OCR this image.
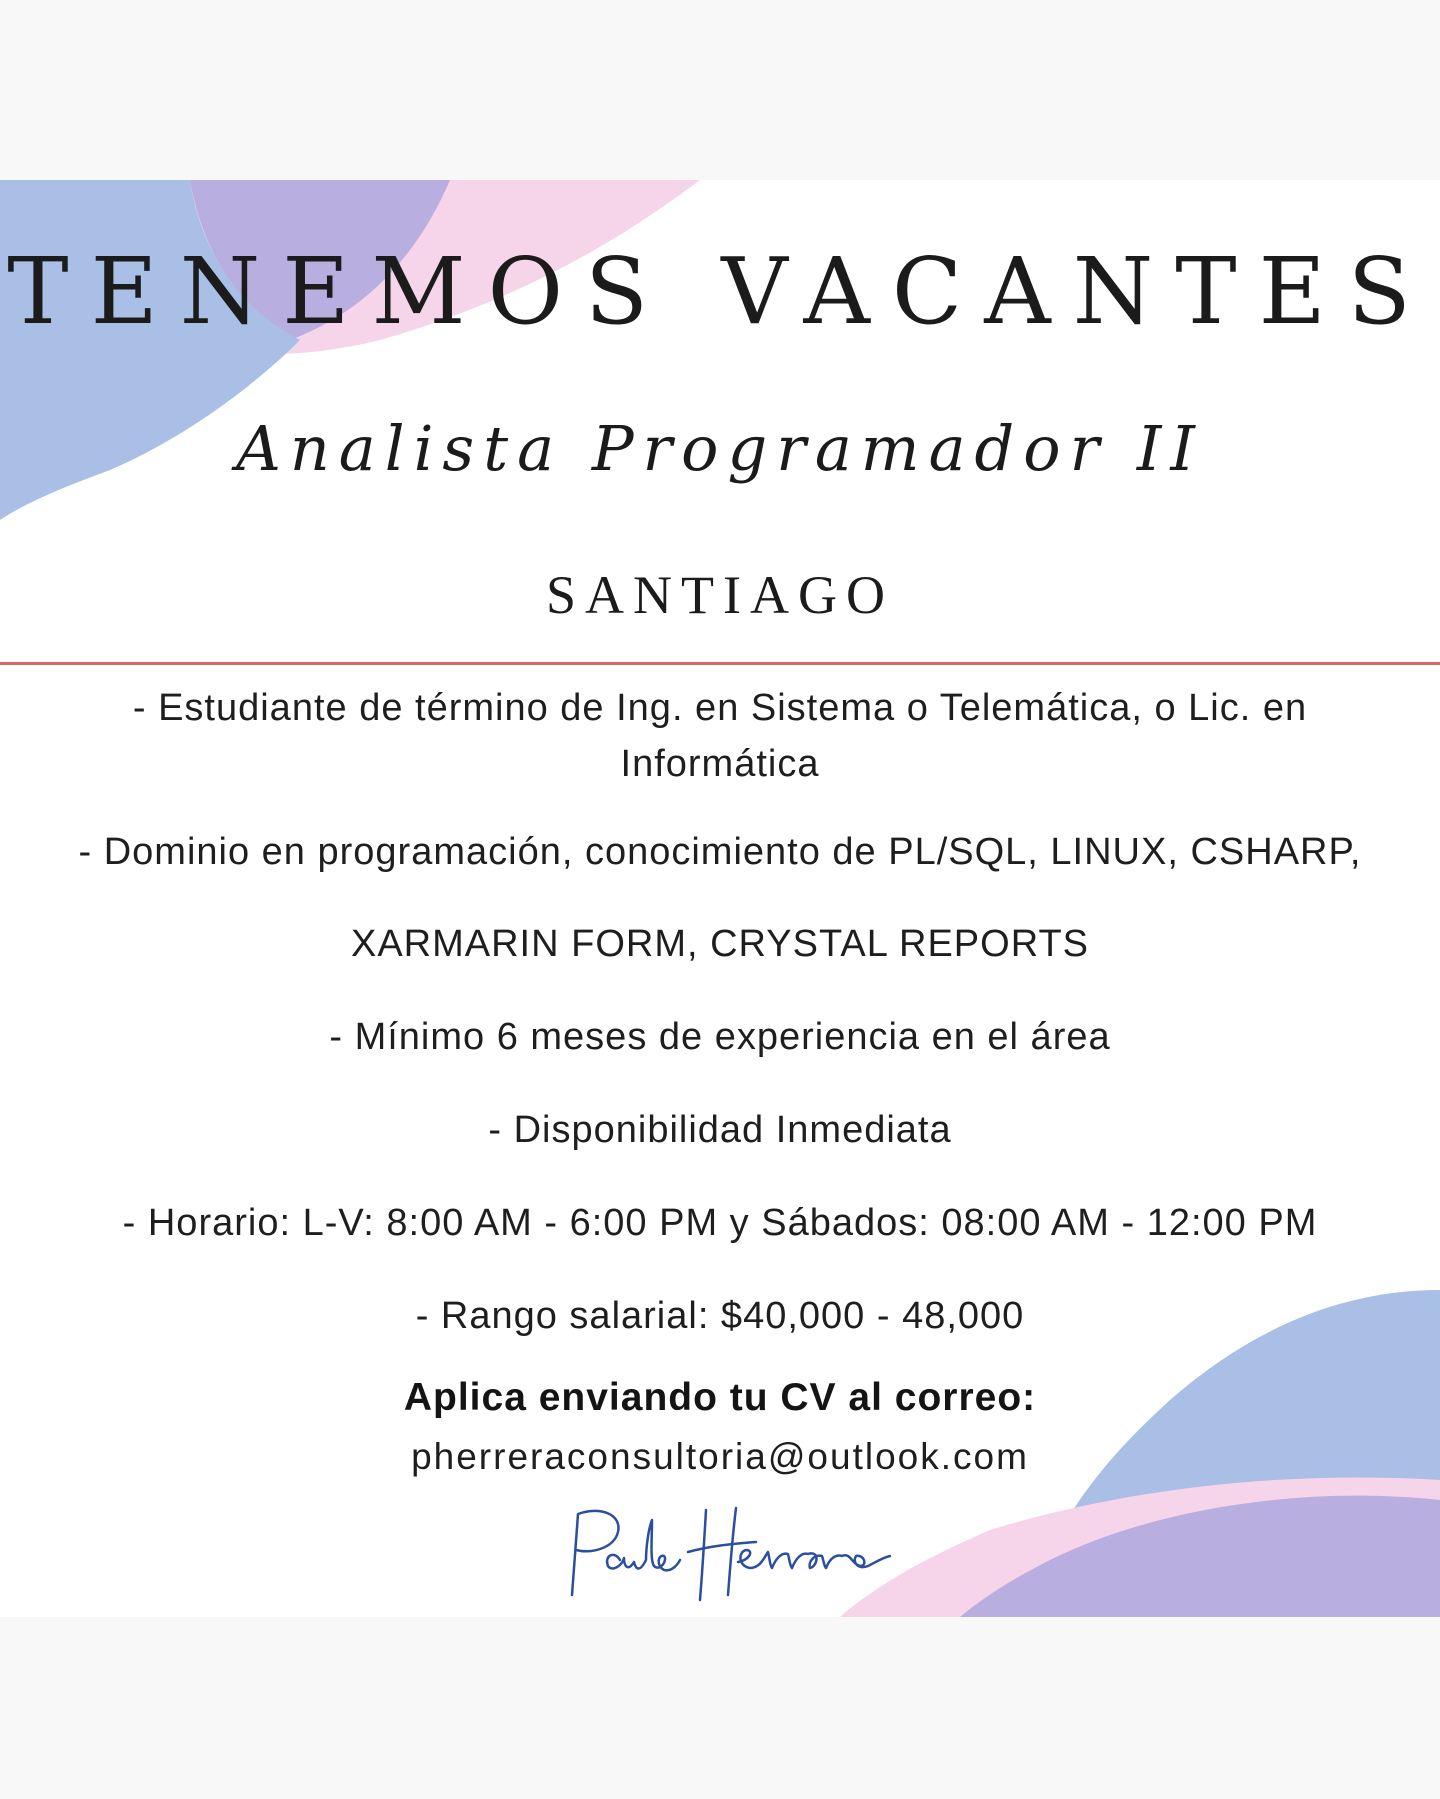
TENEMOS VACANTES
Analista Programador II
SANTIAGO
- Estudiante de término de Ing. en Sistema o Telemática, o Lic. en
Informática
- Dominio en programación, conocimiento de PL/SQL, LINUX, CSHARP,
XARMARIN FORM, CRYSTAL REPORTS
- Mínimo 6 meses de experiencia en el área
- Disponibilidad Inmediata
- Horario: L-V: 8:00 AM - 6:00 PM y Sábados: 08:00 AM - 12:00 PM
- Rango salarial: $40,000 - 48,000
Aplica enviando tu CV al correo:
pherreraconsultoria@outlook.com
